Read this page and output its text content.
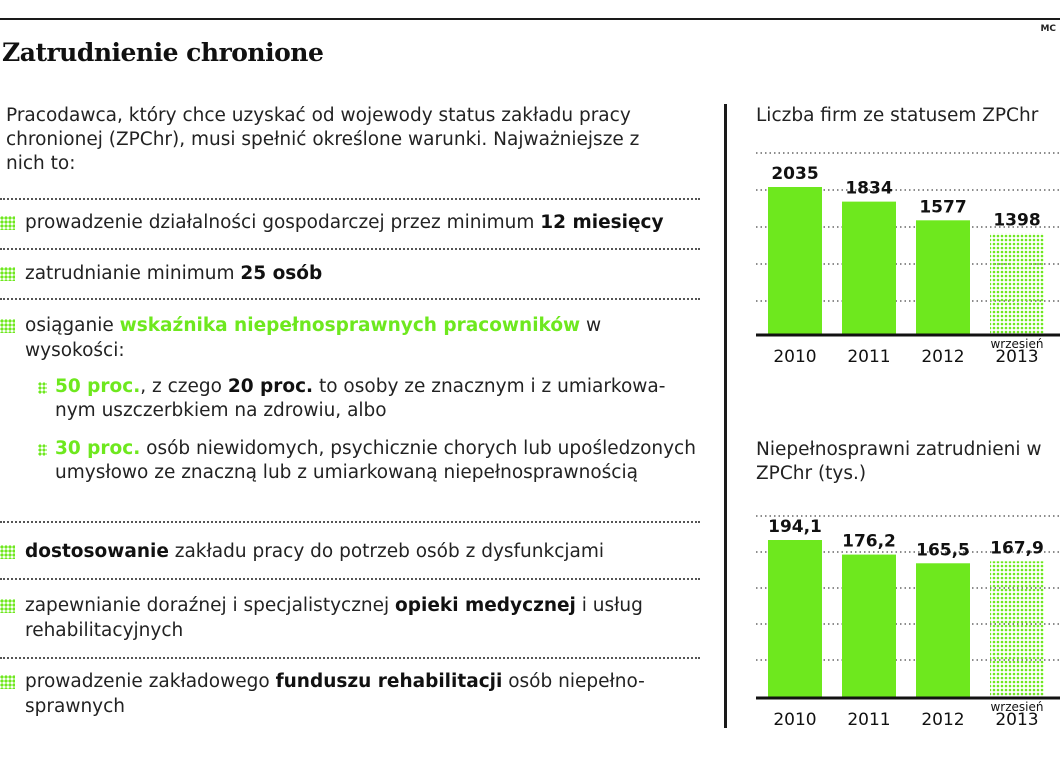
MC
Zatrudnienie chronione
Pracodawca, który chce uzyskać od wojewody status zakładu pracy chronionej (ZPChr), musi spełnić określone warunki. Najważniejsze z nich to:
prowadzenie działalności gospodarczej przez minimum 12 miesięcy
zatrudnianie minimum 25 osób
osiąganie wskaźnika niepełnosprawnych pracowników w wysokości:
50 proc., z czego 20 proc. to osoby ze znacznym i z umiarkowa-nym uszczerbkiem na zdrowiu, albo
30 proc. osób niewidomych, psychicznie chorych lub upośledzonych umysłowo ze znaczną lub z umiarkowaną niepełnosprawnością
dostosowanie zakładu pracy do potrzeb osób z dysfunkcjami
zapewnianie doraźnej i specjalistycznej opieki medycznej i usług rehabilitacyjnych
prowadzenie zakładowego funduszu rehabilitacji osób niepełno-sprawnych
Liczba firm ze statusem ZPChr
2035
2010
1834
2011
1577
2012
1398
2013
wrzesień
Niepełnosprawni zatrudnieni w ZPChr (tys.)
194,1
2010
176,2
2011
165,5
2012
167,9
2013
wrzesień
